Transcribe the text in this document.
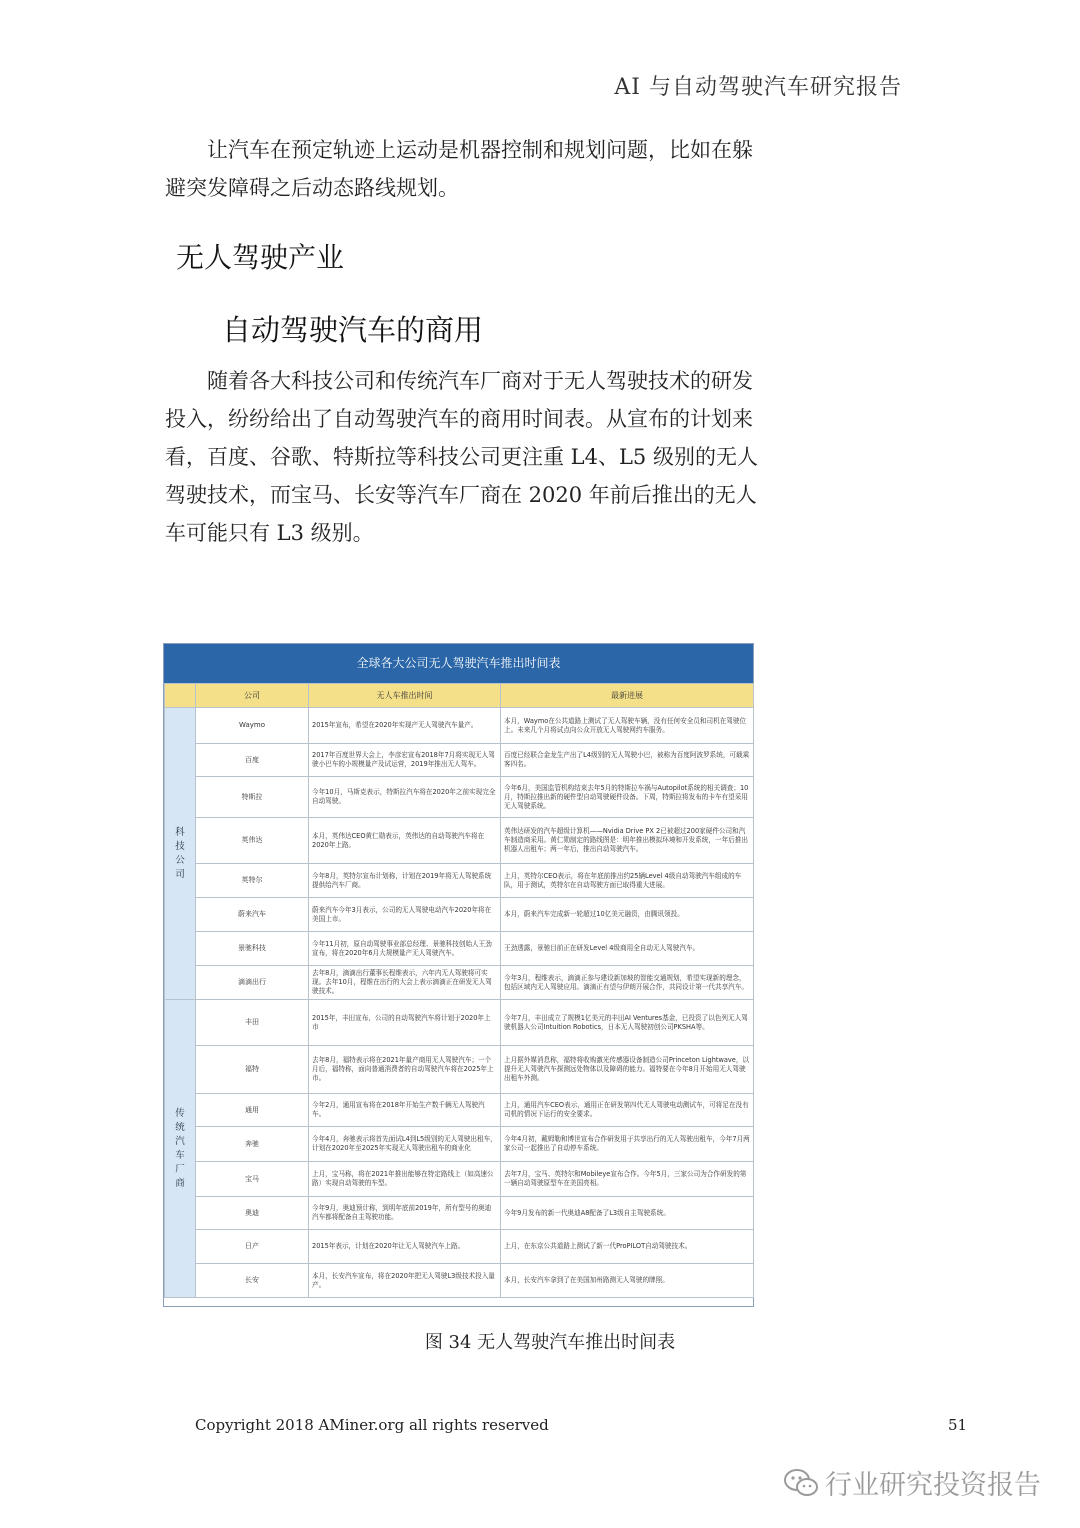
AI 与自动驾驶汽车研究报告

让汽车在预定轨迹上运动是机器控制和规划问题，比如在躲避突发障碍之后动态路线规划。

无人驾驶产业
自动驾驶汽车的商用

随着各大科技公司和传统汽车厂商对于无人驾驶技术的研发投入，纷纷给出了自动驾驶汽车的商用时间表。从宣布的计划来看，百度、谷歌、特斯拉等科技公司更注重 L4、L5 级别的无人驾驶技术，而宝马、长安等汽车厂商在 2020 年前后推出的无人车可能只有 L3 级别。

全球各大公司无人驾驶汽车推出时间表
	公司	无人车推出时间	最新进展

科技公司	Waymo	2015年宣布，希望在2020年实现产无人驾驶汽车量产。	本月，Waymo在公共道路上测试了无人驾驶车辆，没有任何安全员和司机在驾驶位上。未来几个月将试点向公众开放无人驾驶网约车服务。
	百度	2017年百度世界大会上，李彦宏宣布2018年7月将实现无人驾驶小巴车的小规模量产及试运营，2019年推出无人驾车。	百度已经联合金龙生产出了L4级别的无人驾驶小巴，被称为百度阿波罗系统，可载乘客四名。
	特斯拉	今年10月，马斯克表示，特斯拉汽车将在2020年之前实现完全自动驾驶。	今年6月，美国监管机构结束去年5月的特斯拉车祸与Autopilot系统的相关调查；10月，特斯拉推出新的硬件型自动驾驶硬件设备。下周，特斯拉将发布的卡车有望采用无人驾驶系统。
	英伟达	本月，英伟达CEO黄仁勋表示，英伟达的自动驾驶汽车将在2020年上路。	英伟达研发的汽车超级计算机——Nvidia Drive PX 2已被超过200家硬件公司和汽车制造商采用。黄仁勋制定的路线图是：明年推出模拟环境和开发系统，一年后推出机器人出租车；两一年后，推出自动驾驶汽车。
	英特尔	今年8月，英特尔宣布计划称，计划在2019年将无人驾驶系统提供给汽车厂商。	上月，英特尔CEO表示，将在年底前推出约25辆Level 4级自动驾驶汽车组成的车队，用于测试，英特尔在自动驾驶方面已取得重大进展。
	蔚来汽车	蔚来汽车今年3月表示，公司的无人驾驶电动汽车2020年将在美国上市。	本月，蔚来汽车完成新一轮超过10亿美元融资，由腾讯领投。
	景驰科技	今年11月初，原自动驾驶事业部总经理、景驰科技创始人王劲宣布，将在2020年6月大规模量产无人驾驶汽车。	王劲透露，景驰目前正在研发Level 4级商用全自动无人驾驶汽车。
	滴滴出行	去年8月，滴滴出行董事长程维表示，六年内无人驾驶将可实现。去年10月，程维在出行的大会上表示滴滴正在研发无人驾驶技术。	今年3月，程维表示，滴滴正参与建设新加坡的智能交通规划，希望实现新的理念，包括区域内无人驾驶应用。滴滴正有望与伊朗开展合作，共同设计第一代共享汽车。

传统汽车厂商	丰田	2015年，丰田宣布，公司的自动驾驶汽车将计划于2020年上市	今年7月，丰田成立了规模1亿美元的丰田AI Ventures基金，已投资了以色列无人驾驶机器人公司Intuition Robotics，日本无人驾驶初创公司PKSHA等。
	福特	去年8月，福特表示将在2021年量产商用无人驾驶汽车；一个月后，福特称，面向普通消费者的自动驾驶汽车将在2025年上市。	上月据外媒消息称，福特将收购激光传感器设备制造公司Princeton Lightwave，以提升无人驾驶汽车探测远处物体以及障碍的能力。福特要在今年8月开始用无人驾驶出租车外测。
	通用	今年2月，通用宣布将在2018年开始生产数千辆无人驾驶汽车。	上月，通用汽车CEO表示，通用正在研发第四代无人驾驶电动测试车，可将足在没有司机的情况下运行的安全要求。
	奔驰	今年4月，奔驰表示将首先面试L4到L5级别的无人驾驶出租车，计划在2020年至2025年实现无人驾驶出租车的商业化	今年4月初，戴姆勒和博世宣布合作研发用于共享出行的无人驾驶出租车，今年7月两家公司一起推出了自动停车系统。
	宝马	上月，宝马称，将在2021年推出能够在特定路线上（如高速公路）实现自动驾驶的车型。	去年7月，宝马、英特尔和Mobileye宣布合作。今年5月，三家公司为合作研发的第一辆自动驾驶原型车在美国亮相。
	奥迪	今年9月，奥迪预计称，到明年底前2019年，所有型号的奥迪汽车都将配备自主驾驶功能。	今年9月发布的新一代奥迪A8配备了L3级自主驾驶系统。
	日产	2015年表示，计划在2020年让无人驾驶汽车上路。	上月，在东京公共道路上测试了新一代ProPILOT自动驾驶技术。
	长安	本月，长安汽车宣布，将在2020年把无人驾驶L3级技术投入量产。	本月，长安汽车拿到了在美国加州路测无人驾驶的牌照。
图 34 无人驾驶汽车推出时间表
Copyright 2018 AMiner.org all rights reserved	51
行业研究投资报告
